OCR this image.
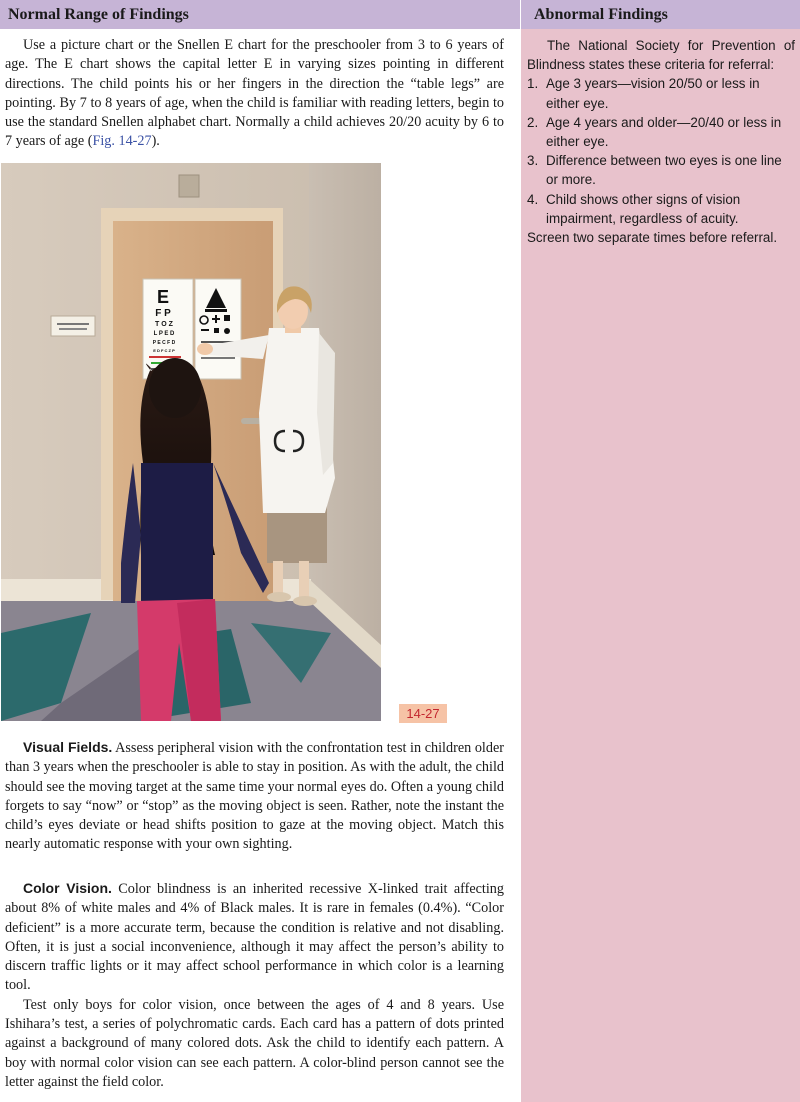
Normal Range of Findings	Abnormal Findings

The National Society for Prevention of Blindness states these criteria for referral:

1. Age 3 years—vision 20/50 or less in either eye.
2. Age 4 years and older—20/40 or less in either eye.
3. Difference between two eyes is one line or more.
4. Child shows other signs of vision impairment, regardless of acuity.

Screen two separate times before referral.

Use a picture chart or the Snellen E chart for the preschooler from 3 to 6 years of age. The E chart shows the capital letter E in varying sizes pointing in different directions. The child points his or her fingers in the direction the “table legs” are pointing. By 7 to 8 years of age, when the child is familiar with reading letters, begin to use the standard Snellen alphabet chart. Normally a child achieves 20/20 acuity by 6 to 7 years of age (Fig. 14-27).

E
F P
T O Z
L P E D
P E C F D
E D F C Z P
14-27

Visual Fields. Assess peripheral vision with the confrontation test in children older than 3 years when the preschooler is able to stay in position. As with the adult, the child should see the moving target at the same time your normal eyes do. Often a young child forgets to say “now” or “stop” as the moving object is seen. Rather, note the instant the child’s eyes deviate or head shifts position to gaze at the moving object. Match this nearly automatic response with your own sighting.

Color Vision. Color blindness is an inherited recessive X-linked trait affecting about 8% of white males and 4% of Black males. It is rare in females (0.4%). “Color deficient” is a more accurate term, because the condition is relative and not disabling. Often, it is just a social inconvenience, although it may affect the person’s ability to discern traffic lights or it may affect school performance in which color is a learning tool.

Test only boys for color vision, once between the ages of 4 and 8 years. Use Ishihara’s test, a series of polychromatic cards. Each card has a pattern of dots printed against a background of many colored dots. Ask the child to identify each pattern. A boy with normal color vision can see each pattern. A color-blind person cannot see the letter against the field color.
